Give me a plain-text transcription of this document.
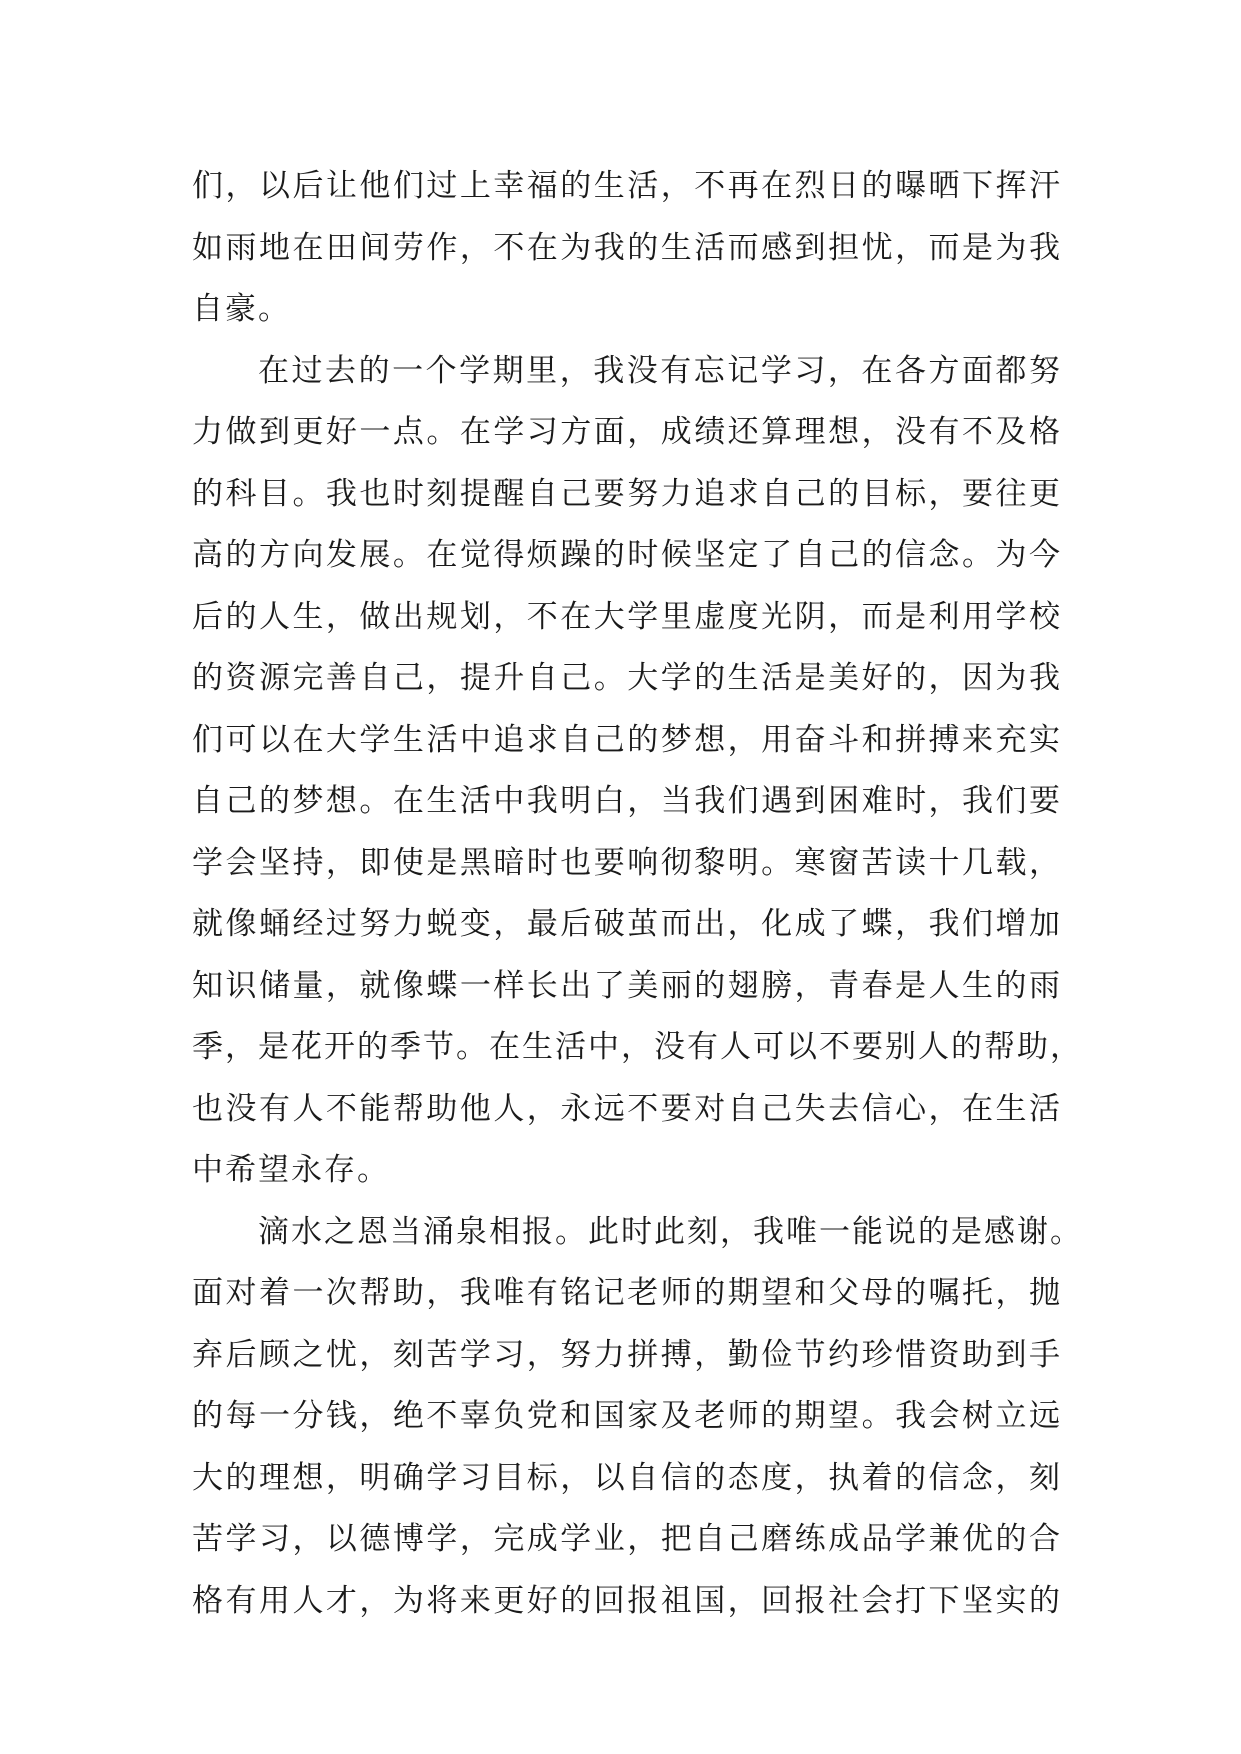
们，以后让他们过上幸福的生活，不再在烈日的曝晒下挥汗
如雨地在田间劳作，不在为我的生活而感到担忧，而是为我
自豪。
在过去的一个学期里，我没有忘记学习，在各方面都努
力做到更好一点。在学习方面，成绩还算理想，没有不及格
的科目。我也时刻提醒自己要努力追求自己的目标，要往更
高的方向发展。在觉得烦躁的时候坚定了自己的信念。为今
后的人生，做出规划，不在大学里虚度光阴，而是利用学校
的资源完善自己，提升自己。大学的生活是美好的，因为我
们可以在大学生活中追求自己的梦想，用奋斗和拼搏来充实
自己的梦想。在生活中我明白，当我们遇到困难时，我们要
学会坚持，即使是黑暗时也要响彻黎明。寒窗苦读十几载，
就像蛹经过努力蜕变，最后破茧而出，化成了蝶，我们增加
知识储量，就像蝶一样长出了美丽的翅膀，青春是人生的雨
季，是花开的季节。在生活中，没有人可以不要别人的帮助，
也没有人不能帮助他人，永远不要对自己失去信心，在生活
中希望永存。
滴水之恩当涌泉相报。此时此刻，我唯一能说的是感谢。
面对着一次帮助，我唯有铭记老师的期望和父母的嘱托，抛
弃后顾之忧，刻苦学习，努力拼搏，勤俭节约珍惜资助到手
的每一分钱，绝不辜负党和国家及老师的期望。我会树立远
大的理想，明确学习目标，以自信的态度，执着的信念，刻
苦学习，以德博学，完成学业，把自己磨练成品学兼优的合
格有用人才，为将来更好的回报祖国，回报社会打下坚实的
